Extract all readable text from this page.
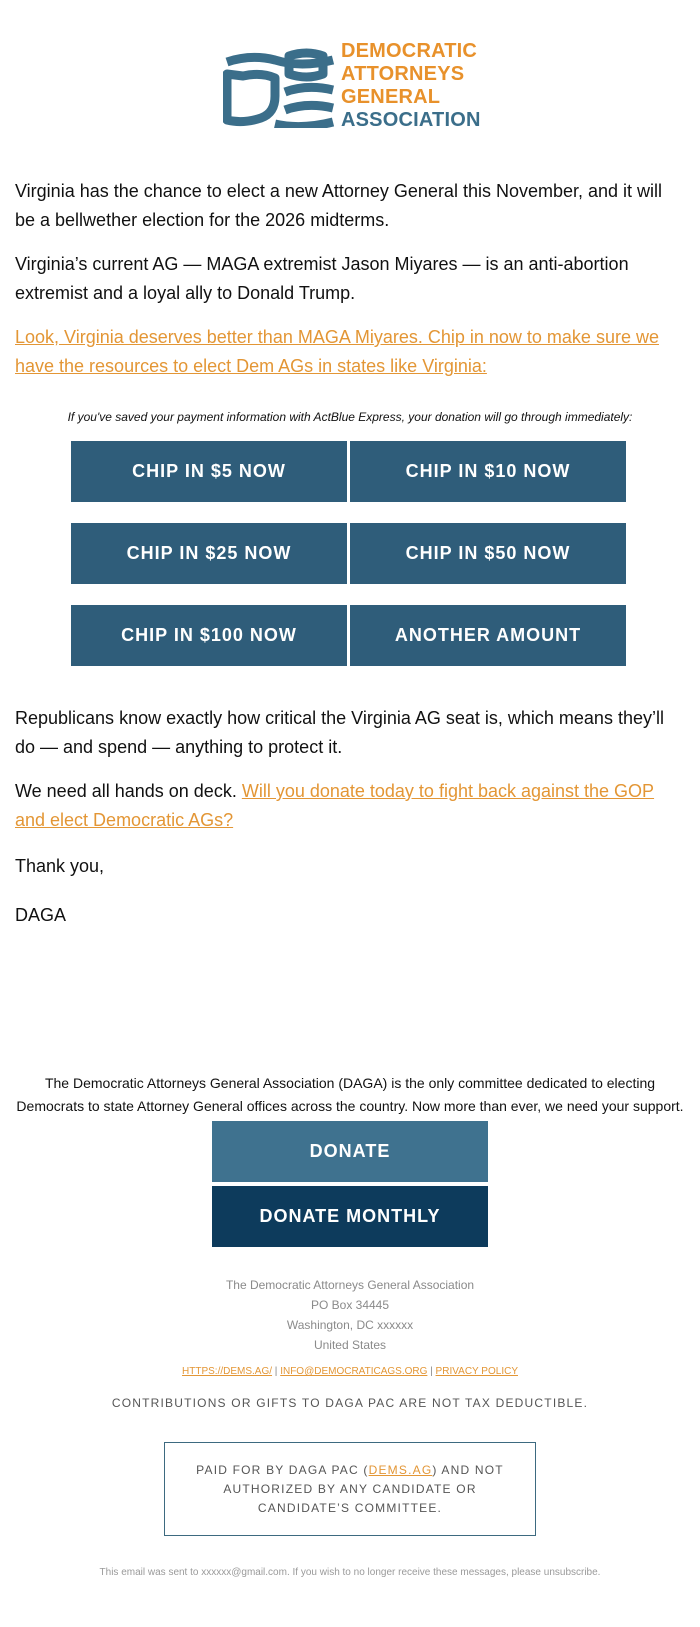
DEMOCRATIC
ATTORNEYS
GENERAL
ASSOCIATION

Virginia has the chance to elect a new Attorney General this November, and it will be a bellwether election for the 2026 midterms.

Virginia’s current AG — MAGA extremist Jason Miyares — is an anti-abortion extremist and a loyal ally to Donald Trump.

Look, Virginia deserves better than MAGA Miyares. Chip in now to make sure we have the resources to elect Dem AGs in states like Virginia:

If you've saved your payment information with ActBlue Express, your donation will go through immediately:
CHIP IN $5 NOW	CHIP IN $10 NOW
CHIP IN $25 NOW	CHIP IN $50 NOW
CHIP IN $100 NOW	ANOTHER AMOUNT

Republicans know exactly how critical the Virginia AG seat is, which means they’ll do — and spend — anything to protect it.

We need all hands on deck. Will you donate today to fight back against the GOP and elect Democratic AGs?

Thank you,

DAGA

The Democratic Attorneys General Association (DAGA) is the only committee dedicated to electing Democrats to state Attorney General offices across the country. Now more than ever, we need your support.

DONATE
DONATE MONTHLY
The Democratic Attorneys General Association
PO Box 34445
Washington, DC xxxxxx
United States
HTTPS://DEMS.AG/ | INFO@DEMOCRATICAGS.ORG | PRIVACY POLICY
CONTRIBUTIONS OR GIFTS TO DAGA PAC ARE NOT TAX DEDUCTIBLE.
PAID FOR BY DAGA PAC (DEMS.AG) AND NOT AUTHORIZED BY ANY CANDIDATE OR CANDIDATE’S COMMITTEE.
This email was sent to xxxxxx@gmail.com. If you wish to no longer receive these messages, please unsubscribe.
